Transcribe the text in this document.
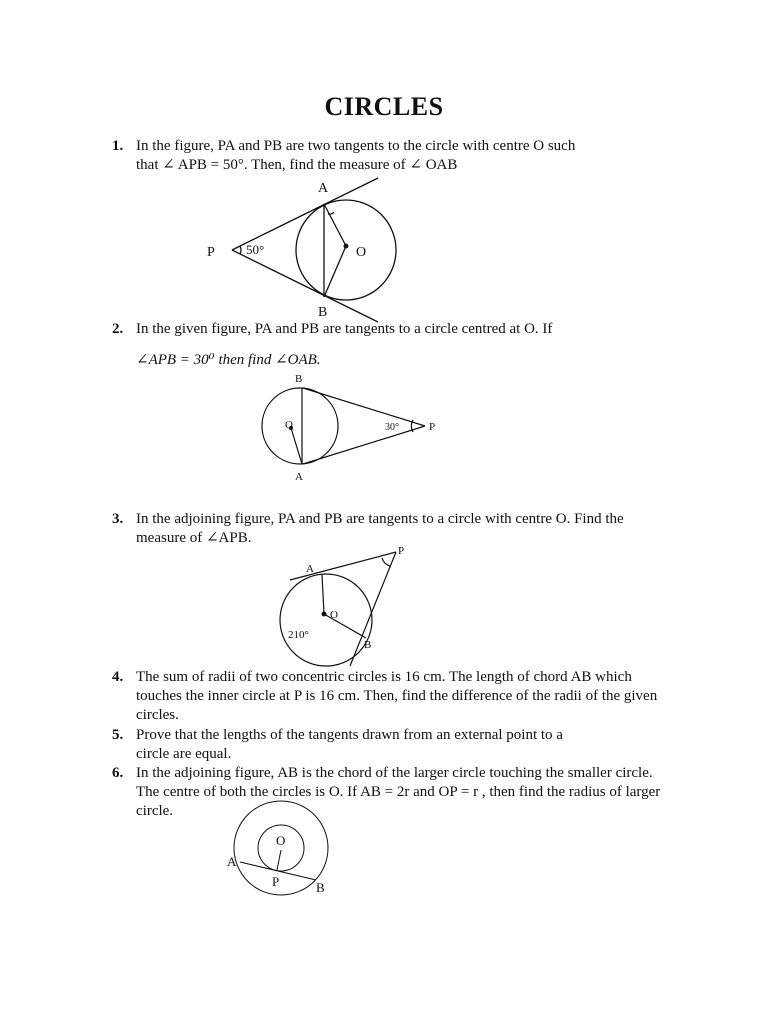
CIRCLES
1. In the figure, PA and PB are two tangents to the circle with centre O such
that ∠ APB = 50°. Then, find the measure of ∠ OAB
A
B
P	O
50°
2. In the given figure, PA and PB are tangents to a circle centred at O. If
∠APB = 30⁰ then find ∠OAB.
B
A
O	P
30°
3. In the adjoining figure, PA and PB are tangents to a circle with centre O. Find the
measure of ∠APB.
A
P
O
B
210°
4. The sum of radii of two concentric circles is 16 cm. The length of chord AB which
touches the inner circle at P is 16 cm. Then, find the difference of the radii of the given
circles.
5. Prove that the lengths of the tangents drawn from an external point to a
circle are equal.
6. In the adjoining figure, AB is the chord of the larger circle touching the smaller circle.
The centre of both the circles is O. If AB = 2r and OP = r , then find the radius of larger
circle.
O
A
P	B
